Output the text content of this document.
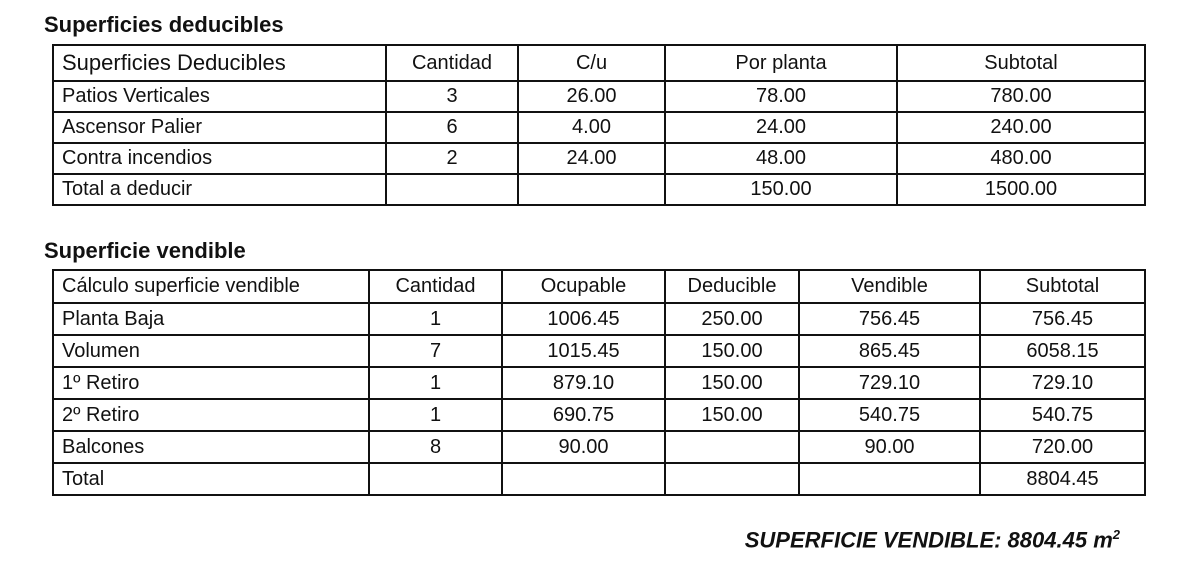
Superficies deducibles
Superficies Deducibles	Cantidad	C/u	Por planta	Subtotal
Patios Verticales	3	26.00	78.00	780.00
Ascensor Palier	6	4.00	24.00	240.00
Contra incendios	2	24.00	48.00	480.00
Total a deducir			150.00	1500.00
Superficie vendible
Cálculo superficie vendible	Cantidad	Ocupable	Deducible	Vendible	Subtotal
Planta Baja	1	1006.45	250.00	756.45	756.45
Volumen	7	1015.45	150.00	865.45	6058.15
1º Retiro	1	879.10	150.00	729.10	729.10
2º Retiro	1	690.75	150.00	540.75	540.75
Balcones	8	90.00		90.00	720.00
Total					8804.45
SUPERFICIE VENDIBLE: 8804.45 $m^2$
